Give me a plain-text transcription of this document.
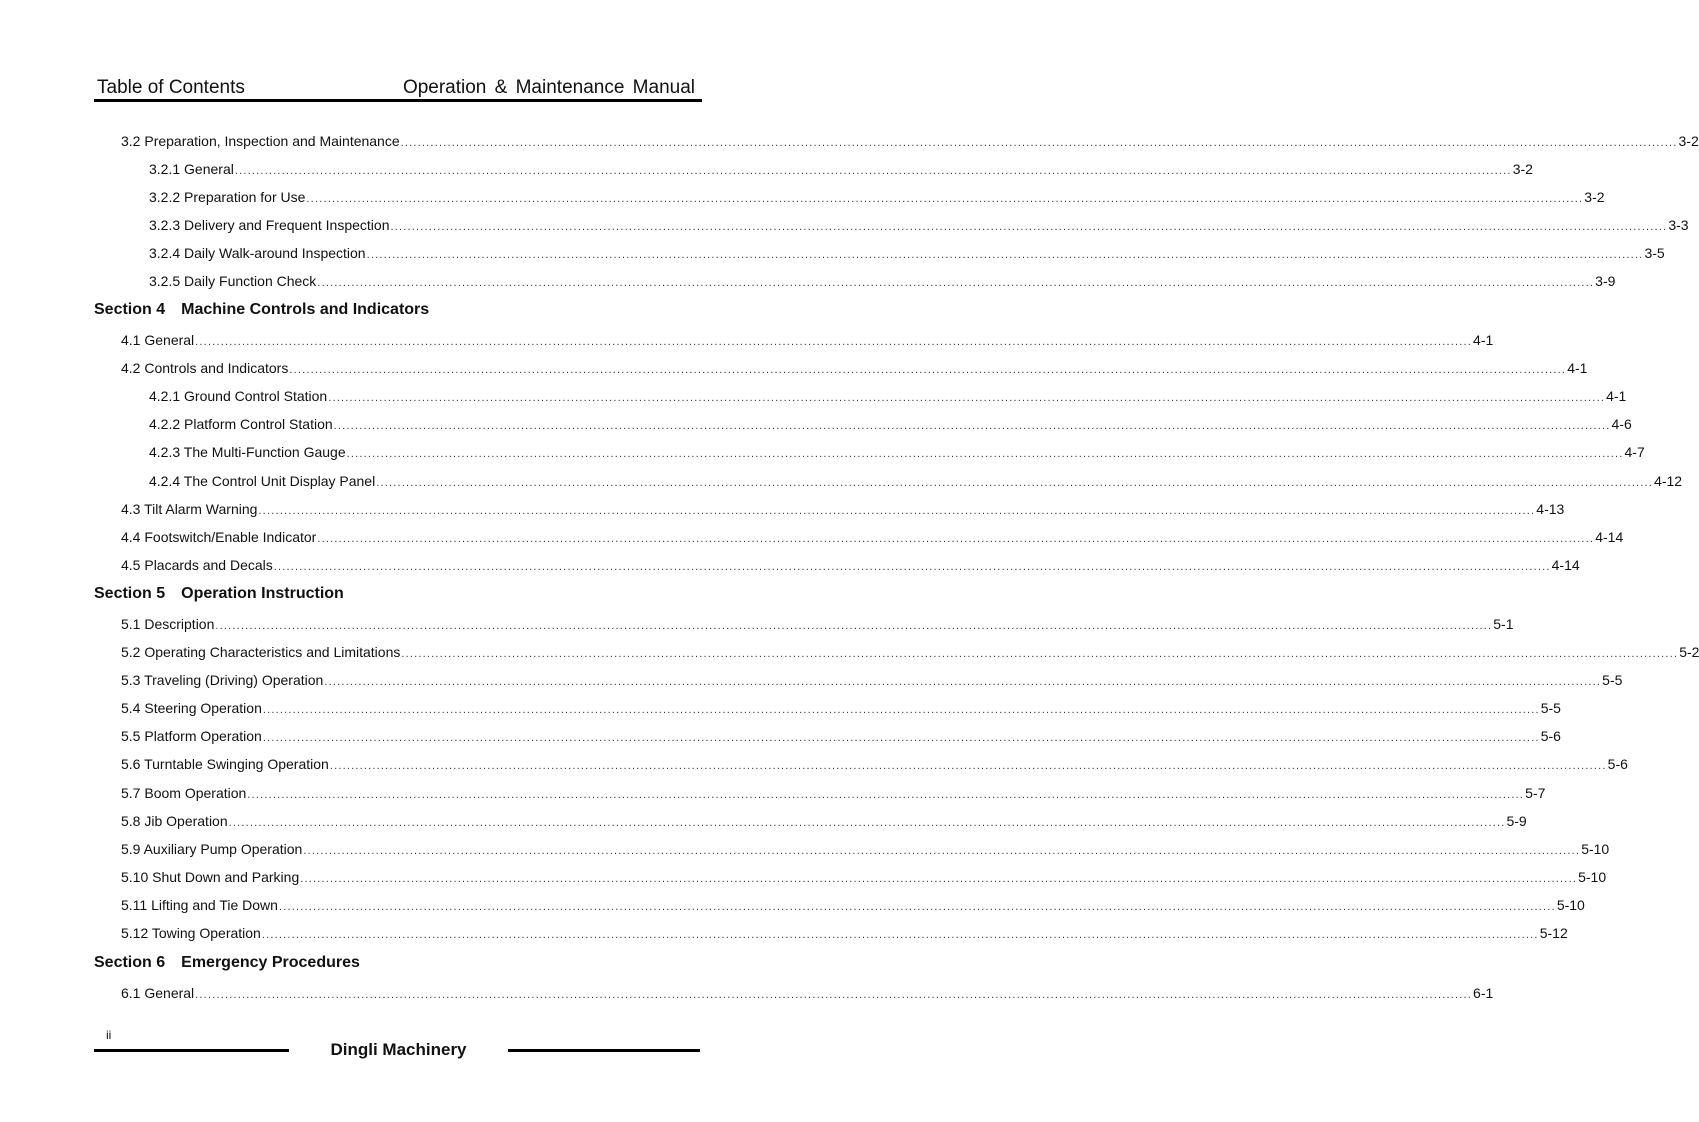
Table of Contents	Operation & Maintenance Manual
3.2 Preparation, Inspection and Maintenance ............................................................................................................................................................................................................................................................................................................ 3-2
3.2.1 General ............................................................................................................................................................................................................................................................................................................ 3-2
3.2.2 Preparation for Use ............................................................................................................................................................................................................................................................................................................ 3-2
3.2.3 Delivery and Frequent Inspection ............................................................................................................................................................................................................................................................................................................ 3-3
3.2.4 Daily Walk-around Inspection ............................................................................................................................................................................................................................................................................................................ 3-5
3.2.5 Daily Function Check ............................................................................................................................................................................................................................................................................................................ 3-9
Section 4 Machine Controls and Indicators
4.1 General ............................................................................................................................................................................................................................................................................................................ 4-1
4.2 Controls and Indicators ............................................................................................................................................................................................................................................................................................................ 4-1
4.2.1 Ground Control Station ............................................................................................................................................................................................................................................................................................................ 4-1
4.2.2 Platform Control Station ............................................................................................................................................................................................................................................................................................................ 4-6
4.2.3 The Multi-Function Gauge ............................................................................................................................................................................................................................................................................................................ 4-7
4.2.4 The Control Unit Display Panel ............................................................................................................................................................................................................................................................................................................ 4-12
4.3 Tilt Alarm Warning ............................................................................................................................................................................................................................................................................................................ 4-13
4.4 Footswitch/Enable Indicator ............................................................................................................................................................................................................................................................................................................ 4-14
4.5 Placards and Decals ............................................................................................................................................................................................................................................................................................................ 4-14
Section 5 Operation Instruction
5.1 Description ............................................................................................................................................................................................................................................................................................................ 5-1
5.2 Operating Characteristics and Limitations ............................................................................................................................................................................................................................................................................................................ 5-2
5.3 Traveling (Driving) Operation ............................................................................................................................................................................................................................................................................................................ 5-5
5.4 Steering Operation ............................................................................................................................................................................................................................................................................................................ 5-5
5.5 Platform Operation ............................................................................................................................................................................................................................................................................................................ 5-6
5.6 Turntable Swinging Operation ............................................................................................................................................................................................................................................................................................................ 5-6
5.7 Boom Operation ............................................................................................................................................................................................................................................................................................................ 5-7
5.8 Jib Operation ............................................................................................................................................................................................................................................................................................................ 5-9
5.9 Auxiliary Pump Operation ............................................................................................................................................................................................................................................................................................................ 5-10
5.10 Shut Down and Parking ............................................................................................................................................................................................................................................................................................................ 5-10
5.11 Lifting and Tie Down ............................................................................................................................................................................................................................................................................................................ 5-10
5.12 Towing Operation ............................................................................................................................................................................................................................................................................................................ 5-12
Section 6 Emergency Procedures
6.1 General ............................................................................................................................................................................................................................................................................................................ 6-1
ii
Dingli Machinery
